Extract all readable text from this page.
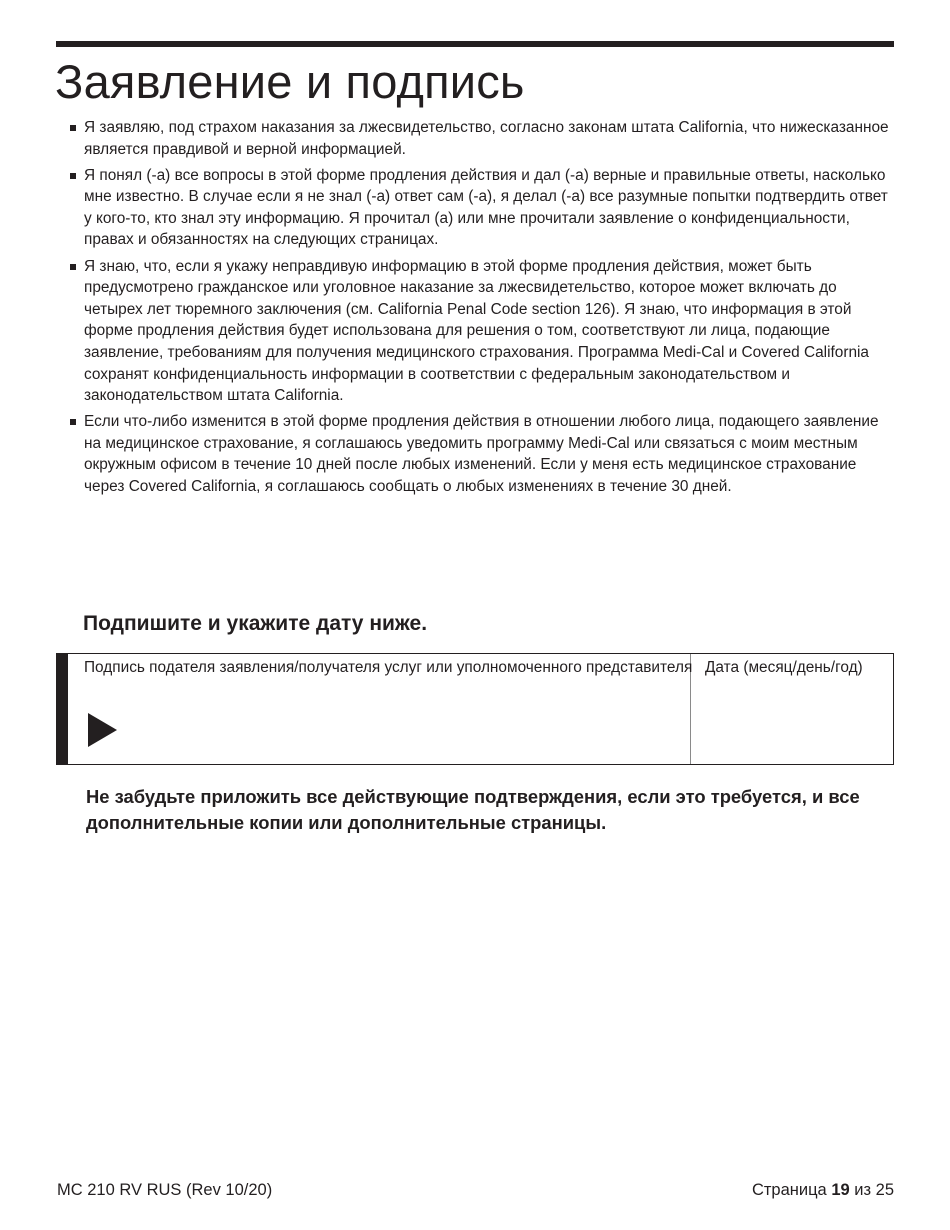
Заявление и подпись
Я заявляю, под страхом наказания за лжесвидетельство, согласно законам штата California, что нижесказанное является правдивой и верной информацией.
Я понял (-а) все вопросы в этой форме продления действия и дал (-а) верные и правильные ответы, насколько мне известно. В случае если я не знал (-а) ответ сам (-а), я делал (-а) все разумные попытки подтвердить ответ у кого-то, кто знал эту информацию. Я прочитал (а) или мне прочитали заявление о конфиденциальности, правах и обязанностях на следующих страницах.
Я знаю, что, если я укажу неправдивую информацию в этой форме продления действия, может быть предусмотрено гражданское или уголовное наказание за лжесвидетельство, которое может включать до четырех лет тюремного заключения (см. California Penal Code section 126). Я знаю, что информация в этой форме продления действия будет использована для решения о том, соответствуют ли лица, подающие заявление, требованиям для получения медицинского страхования. Программа Medi-Cal и Covered California сохранят конфиденциальность информации в соответствии с федеральным законодательством и законодательством штата California.
Если что-либо изменится в этой форме продления действия в отношении любого лица, подающего заявление на медицинское страхование, я соглашаюсь уведомить программу Medi-Cal или связаться с моим местным окружным офисом в течение 10 дней после любых изменений. Если у меня есть медицинское страхование через Covered California, я соглашаюсь сообщать о любых изменениях в течение 30 дней.
Подпишите и укажите дату ниже.
Подпись подателя заявления/получателя услуг или уполномоченного представителя Дата (месяц/день/год)

Не забудьте приложить все действующие подтверждения, если это требуется, и все дополнительные копии или дополнительные страницы.

MC 210 RV RUS (Rev 10/20)	Страница 19 из 25
